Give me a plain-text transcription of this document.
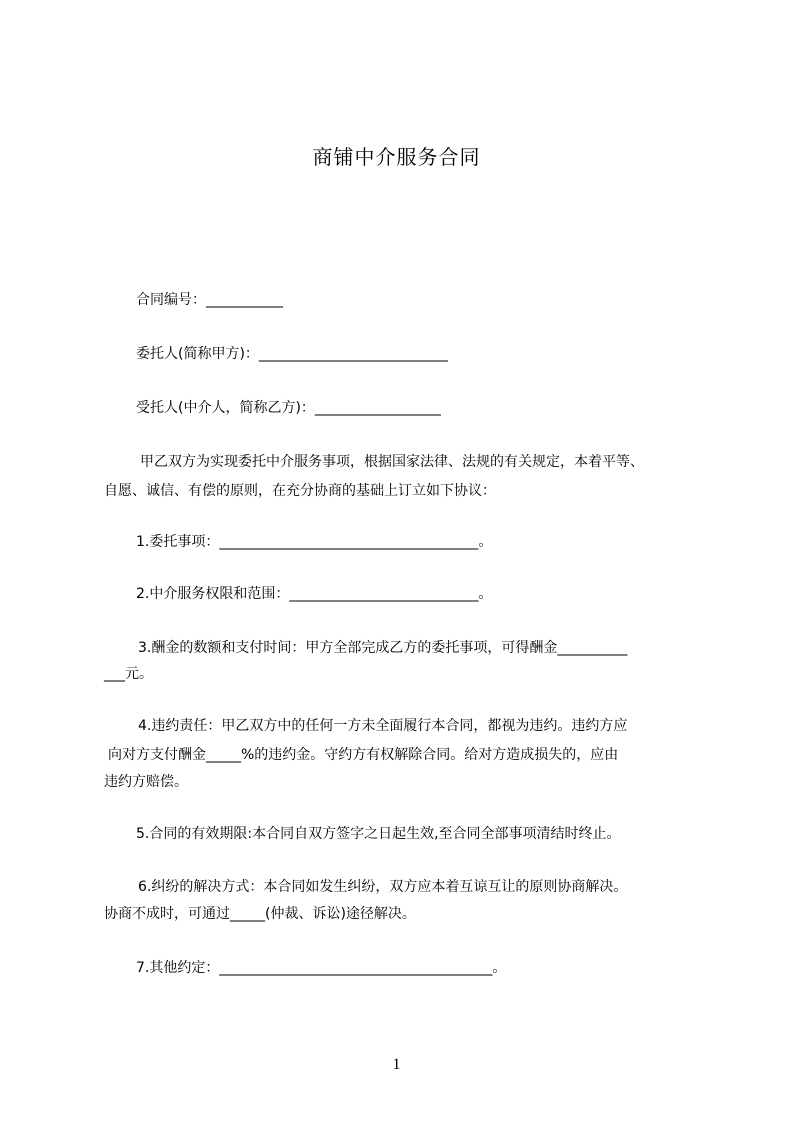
商铺中介服务合同
合同编号：___________
委托人(简称甲方)：___________________________
受托人(中介人，简称乙方)：__________________
甲乙双方为实现委托中介服务事项，根据国家法律、法规的有关规定，本着平等、
自愿、诚信、有偿的原则，在充分协商的基础上订立如下协议：
1.委托事项：_____________________________________。
2.中介服务权限和范围：___________________________。
3.酬金的数额和支付时间：甲方全部完成乙方的委托事项，可得酬金__________
___元。
4.违约责任：甲乙双方中的任何一方未全面履行本合同，都视为违约。违约方应
向对方支付酬金_____%的违约金。守约方有权解除合同。给对方造成损失的，应由
违约方赔偿。
5.合同的有效期限:本合同自双方签字之日起生效,至合同全部事项清结时终止。
6.纠纷的解决方式：本合同如发生纠纷，双方应本着互谅互让的原则协商解决。
协商不成时，可通过_____(仲裁、诉讼)途径解决。
7.其他约定：_______________________________________。
1
